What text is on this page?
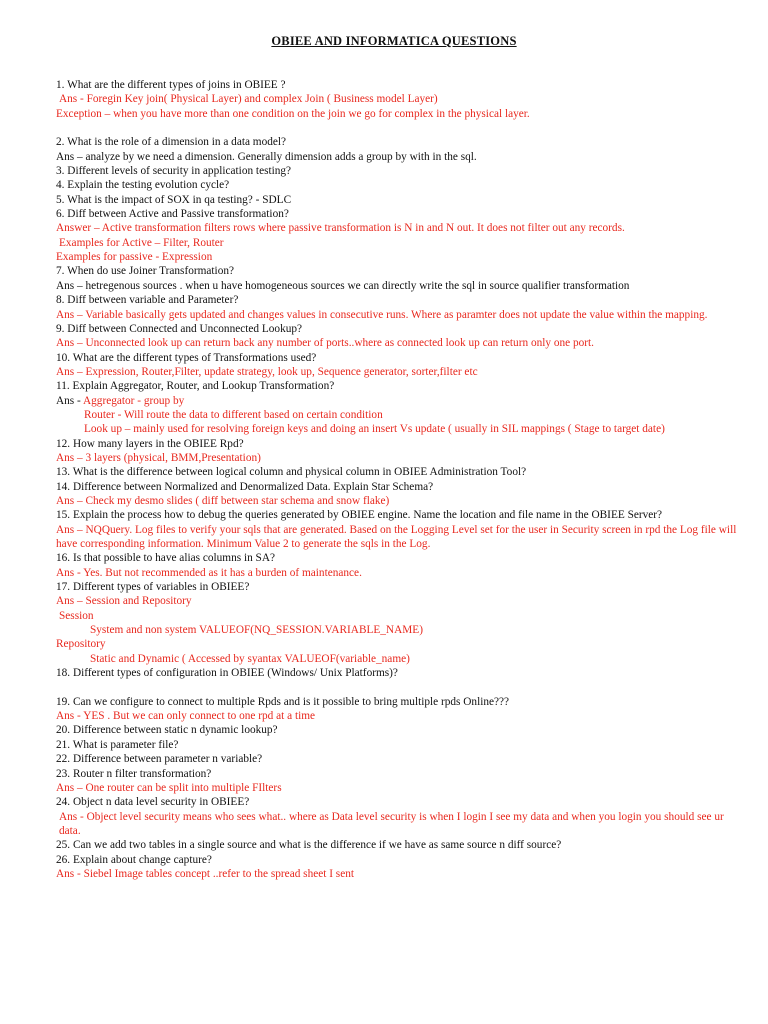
OBIEE AND INFORMATICA QUESTIONS
1. What are the different types of joins in OBIEE ?
Ans - Foregin Key join( Physical Layer) and complex Join ( Business model Layer)
Exception – when you have more than one condition on the join we go for complex in the physical layer.
2. What is the role of a dimension in a data model?
Ans – analyze by we need a dimension. Generally dimension adds a group by with in the sql.
3. Different levels of security in application testing?
4. Explain the testing evolution cycle?
5. What is the impact of SOX in qa testing? - SDLC
6. Diff between Active and Passive transformation?
Answer – Active transformation filters rows where passive transformation is N in and N out. It does not filter out any records.
Examples for Active – Filter, Router
Examples for passive - Expression
7. When do use Joiner Transformation?
Ans – hetregenous sources . when u have homogeneous sources we can directly write the sql in source qualifier transformation
8. Diff between variable and Parameter?
Ans – Variable basically gets updated and changes values in consecutive runs. Where as paramter does not update the value within the mapping.
9. Diff between Connected and Unconnected Lookup?
Ans – Unconnected look up can return back any number of ports..where as connected look up can return only one port.
10. What are the different types of Transformations used?
Ans – Expression, Router,Filter, update strategy, look up, Sequence generator, sorter,filter etc
11. Explain Aggregator, Router, and Lookup Transformation?
Ans - Aggregator - group by
Router - Will route the data to different based on certain condition
Look up – mainly used for resolving foreign keys and doing an insert Vs update ( usually in SIL mappings ( Stage to target date)
12. How many layers in the OBIEE Rpd?
Ans – 3 layers (physical, BMM,Presentation)
13. What is the difference between logical column and physical column in OBIEE Administration Tool?
14. Difference between Normalized and Denormalized Data. Explain Star Schema?
Ans – Check my desmo slides ( diff between star schema and snow flake)
15. Explain the process how to debug the queries generated by OBIEE engine. Name the location and file name in the OBIEE Server?
Ans – NQQuery. Log files to verify your sqls that are generated. Based on the Logging Level set for the user in Security screen in rpd the Log file will have corresponding information. Minimum Value 2 to generate the sqls in the Log.
16. Is that possible to have alias columns in SA?
Ans - Yes. But not recommended as it has a burden of maintenance.
17. Different types of variables in OBIEE?
Ans – Session and Repository
Session
System and non system VALUEOF(NQ_SESSION.VARIABLE_NAME)
Repository
Static and Dynamic ( Accessed by syantax VALUEOF(variable_name)
18. Different types of configuration in OBIEE (Windows/ Unix Platforms)?
19. Can we configure to connect to multiple Rpds and is it possible to bring multiple rpds Online???
Ans - YES . But we can only connect to one rpd at a time
20. Difference between static n dynamic lookup?
21. What is parameter file?
22. Difference between parameter n variable?
23. Router n filter transformation?
Ans – One router can be split into multiple FIlters
24. Object n data level security in OBIEE?
Ans - Object level security means who sees what.. where as Data level security is when I login I see my data and when you login you should see ur data.
25. Can we add two tables in a single source and what is the difference if we have as same source n diff source?
26. Explain about change capture?
Ans - Siebel Image tables concept ..refer to the spread sheet I sent
